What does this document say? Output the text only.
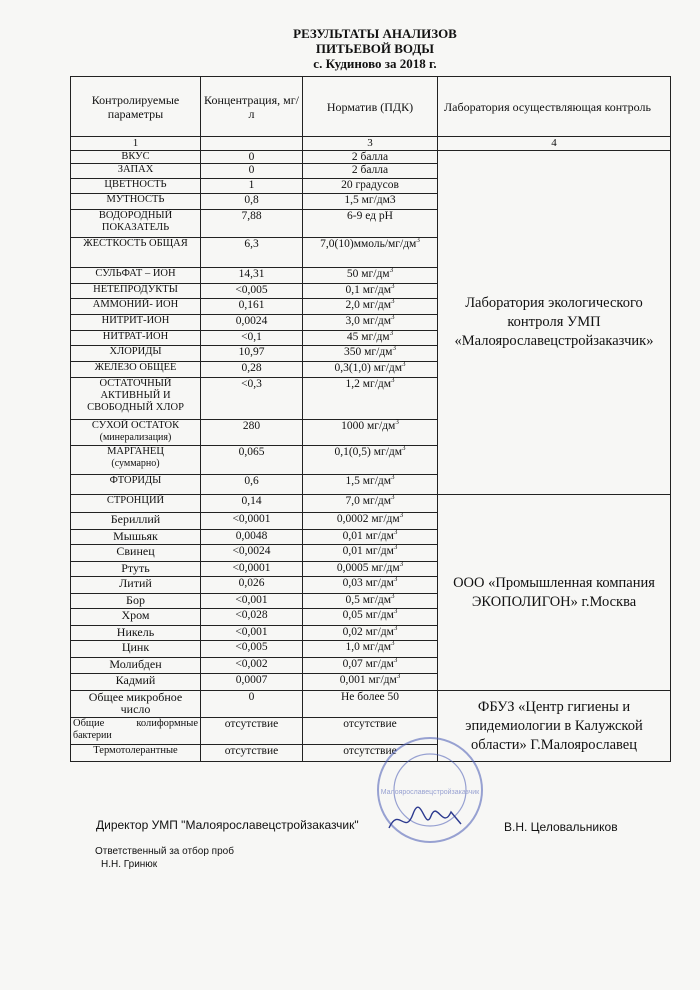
РЕЗУЛЬТАТЫ АНАЛИЗОВ
ПИТЬЕВОЙ ВОДЫ
с. Кудиново за 2018 г.
Контролируемые параметры	Концентрация, мг/л	Норматив (ПДК)	Лаборатория осуществляющая контроль
1		3	4

ВКУС	0	2 балла	Лаборатория экологического контроля УМП «Малоярославецстройзаказчик»

ЗАПАХ	0	2 балла	

ЦВЕТНОСТЬ	1	20 градусов	

МУТНОСТЬ	0,8	1,5 мг/дм3	

ВОДОРОДНЫЙ ПОКАЗАТЕЛЬ	7,88	6-9 ед рН	

ЖЕСТКОСТЬ ОБЩАЯ	6,3	$7,0(10)ммоль/мг/дм^3$

СУЛЬФАТ – ИОН	14,31	50 $мг/дм^3$

НЕТЕПРОДУКТЫ	<0,005	0,1 $мг/дм^3$

АММОНИЙ- ИОН	0,161	2,0 $мг/дм^3$

НИТРИТ-ИОН	0,0024	3,0 $мг/дм^3$

НИТРАТ-ИОН	<0,1	45 $мг/дм^3$

ХЛОРИДЫ	10,97	350 $мг/дм^3$

ЖЕЛЕЗО ОБЩЕЕ	0,28	0,3(1,0) $мг/дм^3$

ОСТАТОЧНЫЙ АКТИВНЫЙ И СВОБОДНЫЙ ХЛОР	<0,3	1,2 $мг/дм^3$

СУХОЙ ОСТАТОК
(минерализация)	280	1000 $мг/дм^3$

МАРГАНЕЦ
(суммарно)	0,065	0,1(0,5) $мг/дм^3$

ФТОРИДЫ	0,6	1,5 $мг/дм^3$

СТРОНЦИЙ	0,14	7,0 $мг/дм^3$	ООО «Промышленная компания ЭКОПОЛИГОН» г.Москва

Бериллий	<0,0001	0,0002 $мг/дм^3$

Мышьяк	0,0048	0,01 $мг/дм^3$

Свинец	<0,0024	0,01 $мг/дм^3$

Ртуть	<0,0001	0,0005 $мг/дм^3$

Литий	0,026	0,03 $мг/дм^3$

Бор	<0,001	0,5 $мг/дм^3$

Хром	<0,028	0,05 $мг/дм^3$

Никель	<0,001	0,02 $мг/дм^3$

Цинк	<0,005	1,0 $мг/дм^3$

Молибден	<0,002	0,07 $мг/дм^3$

Кадмий	0,0007	0,001 $мг/дм^3$

Общее микробное число	0	Не более 50	ФБУЗ «Центр гигиены и эпидемиологии в Калужской области» Г.Малоярославец

Общие колиформные
бактерии	отсутствие	отсутствие	

Термотолерантные	отсутствие	отсутствие	
Малоярославецстройзаказчик
Директор УМП "Малоярославецстройзаказчик"	В.Н. Целовальников
Ответственный за отбор проб
Н.Н. Гринюк
